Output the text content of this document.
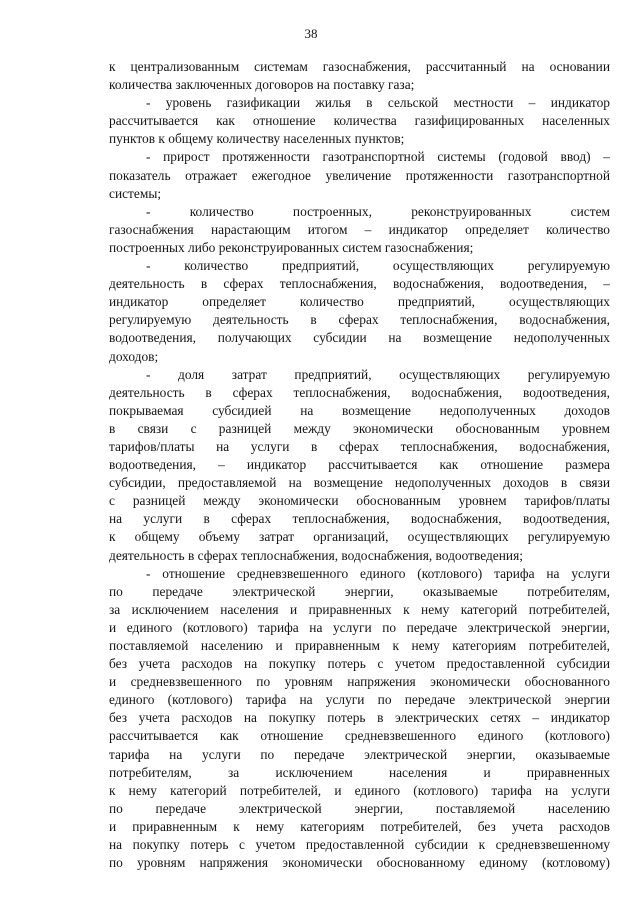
38
к централизованным системам газоснабжения, рассчитанный на основании
количества заключенных договоров на поставку газа;
- уровень газификации жилья в сельской местности – индикатор
рассчитывается как отношение количества газифицированных населенных
пунктов к общему количеству населенных пунктов;
- прирост протяженности газотранспортной системы (годовой ввод) –
показатель отражает ежегодное увеличение протяженности газотранспортной
системы;
- количество построенных, реконструированных систем
газоснабжения нарастающим итогом – индикатор определяет количество
построенных либо реконструированных систем газоснабжения;
- количество предприятий, осуществляющих регулируемую
деятельность в сферах теплоснабжения, водоснабжения, водоотведения, –
индикатор определяет количество предприятий, осуществляющих
регулируемую деятельность в сферах теплоснабжения, водоснабжения,
водоотведения, получающих субсидии на возмещение недополученных
доходов;
- доля затрат предприятий, осуществляющих регулируемую
деятельность в сферах теплоснабжения, водоснабжения, водоотведения,
покрываемая субсидией на возмещение недополученных доходов
в связи с разницей между экономически обоснованным уровнем
тарифов/платы на услуги в сферах теплоснабжения, водоснабжения,
водоотведения, – индикатор рассчитывается как отношение размера
субсидии, предоставляемой на возмещение недополученных доходов в связи
с разницей между экономически обоснованным уровнем тарифов/платы
на услуги в сферах теплоснабжения, водоснабжения, водоотведения,
к общему объему затрат организаций, осуществляющих регулируемую
деятельность в сферах теплоснабжения, водоснабжения, водоотведения;
- отношение средневзвешенного единого (котлового) тарифа на услуги
по передаче электрической энергии, оказываемые потребителям,
за исключением населения и приравненных к нему категорий потребителей,
и единого (котлового) тарифа на услуги по передаче электрической энергии,
поставляемой населению и приравненным к нему категориям потребителей,
без учета расходов на покупку потерь с учетом предоставленной субсидии
и средневзвешенного по уровням напряжения экономически обоснованного
единого (котлового) тарифа на услуги по передаче электрической энергии
без учета расходов на покупку потерь в электрических сетях – индикатор
рассчитывается как отношение средневзвешенного единого (котлового)
тарифа на услуги по передаче электрической энергии, оказываемые
потребителям, за исключением населения и приравненных
к нему категорий потребителей, и единого (котлового) тарифа на услуги
по передаче электрической энергии, поставляемой населению
и приравненным к нему категориям потребителей, без учета расходов
на покупку потерь с учетом предоставленной субсидии к средневзвешенному
по уровням напряжения экономически обоснованному единому (котловому)
